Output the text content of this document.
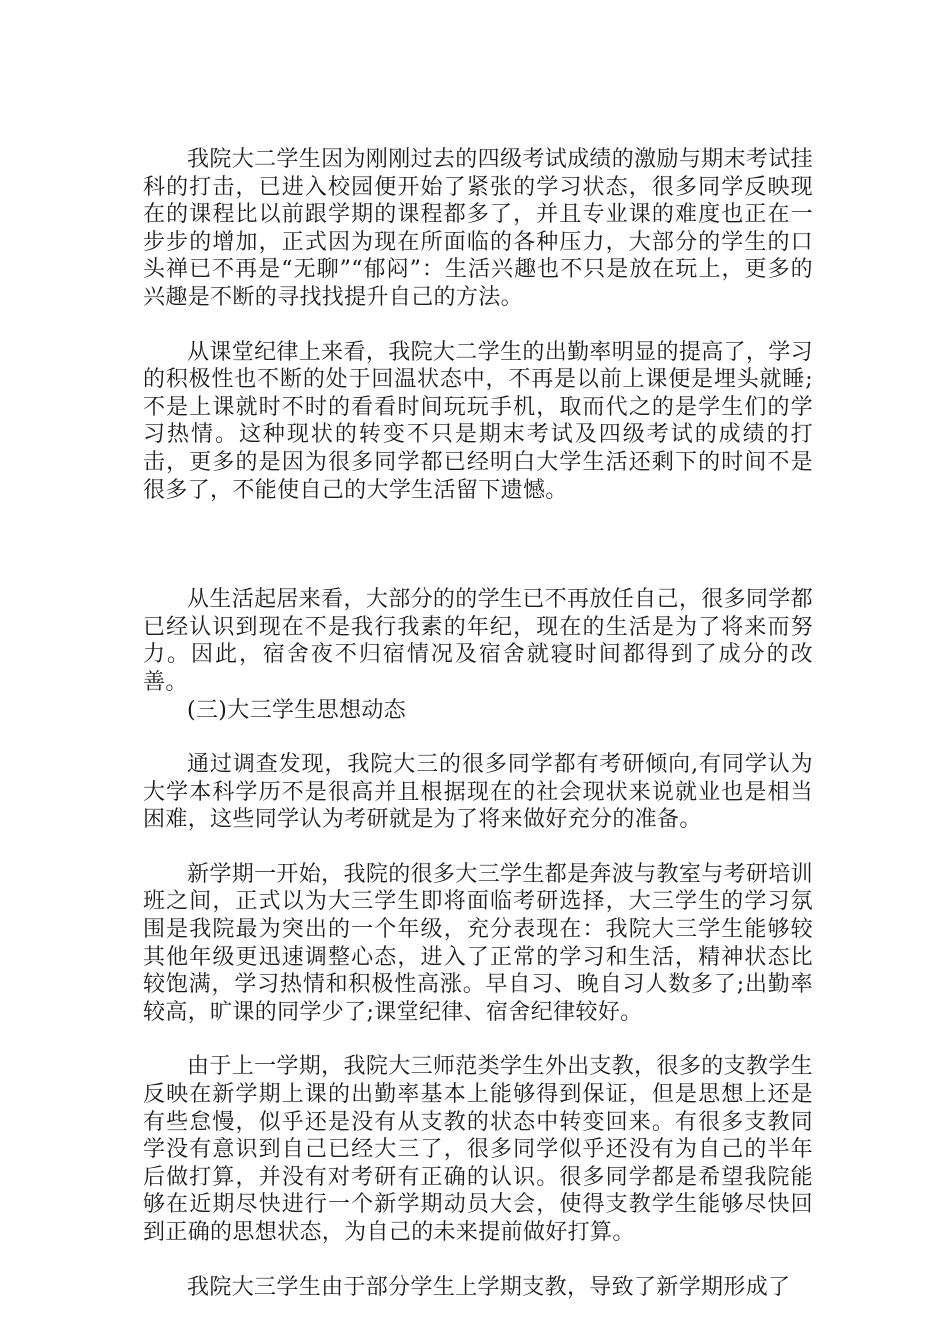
我院大二学生因为刚刚过去的四级考试成绩的激励与期末考试挂科的打击，已进入校园便开始了紧张的学习状态，很多同学反映现在的课程比以前跟学期的课程都多了，并且专业课的难度也正在一步步的增加，正式因为现在所面临的各种压力，大部分的学生的口头禅已不再是“无聊”“郁闷”：生活兴趣也不只是放在玩上，更多的兴趣是不断的寻找找提升自己的方法。

从课堂纪律上来看，我院大二学生的出勤率明显的提高了，学习的积极性也不断的处于回温状态中，不再是以前上课便是埋头就睡;不是上课就时不时的看看时间玩玩手机，取而代之的是学生们的学习热情。这种现状的转变不只是期末考试及四级考试的成绩的打击，更多的是因为很多同学都已经明白大学生活还剩下的时间不是很多了，不能使自己的大学生活留下遗憾。

从生活起居来看，大部分的的学生已不再放任自己，很多同学都已经认识到现在不是我行我素的年纪，现在的生活是为了将来而努力。因此，宿舍夜不归宿情况及宿舍就寝时间都得到了成分的改善。

(三)大三学生思想动态

通过调查发现，我院大三的很多同学都有考研倾向,有同学认为大学本科学历不是很高并且根据现在的社会现状来说就业也是相当困难，这些同学认为考研就是为了将来做好充分的准备。

新学期一开始，我院的很多大三学生都是奔波与教室与考研培训班之间，正式以为大三学生即将面临考研选择，大三学生的学习氛围是我院最为突出的一个年级，充分表现在：我院大三学生能够较其他年级更迅速调整心态，进入了正常的学习和生活，精神状态比较饱满，学习热情和积极性高涨。早自习、晚自习人数多了;出勤率较高，旷课的同学少了;课堂纪律、宿舍纪律较好。

由于上一学期，我院大三师范类学生外出支教，很多的支教学生反映在新学期上课的出勤率基本上能够得到保证，但是思想上还是有些怠慢，似乎还是没有从支教的状态中转变回来。有很多支教同学没有意识到自己已经大三了，很多同学似乎还没有为自己的半年后做打算，并没有对考研有正确的认识。很多同学都是希望我院能够在近期尽快进行一个新学期动员大会，使得支教学生能够尽快回到正确的思想状态，为自己的未来提前做好打算。

我院大三学生由于部分学生上学期支教，导致了新学期形成了
